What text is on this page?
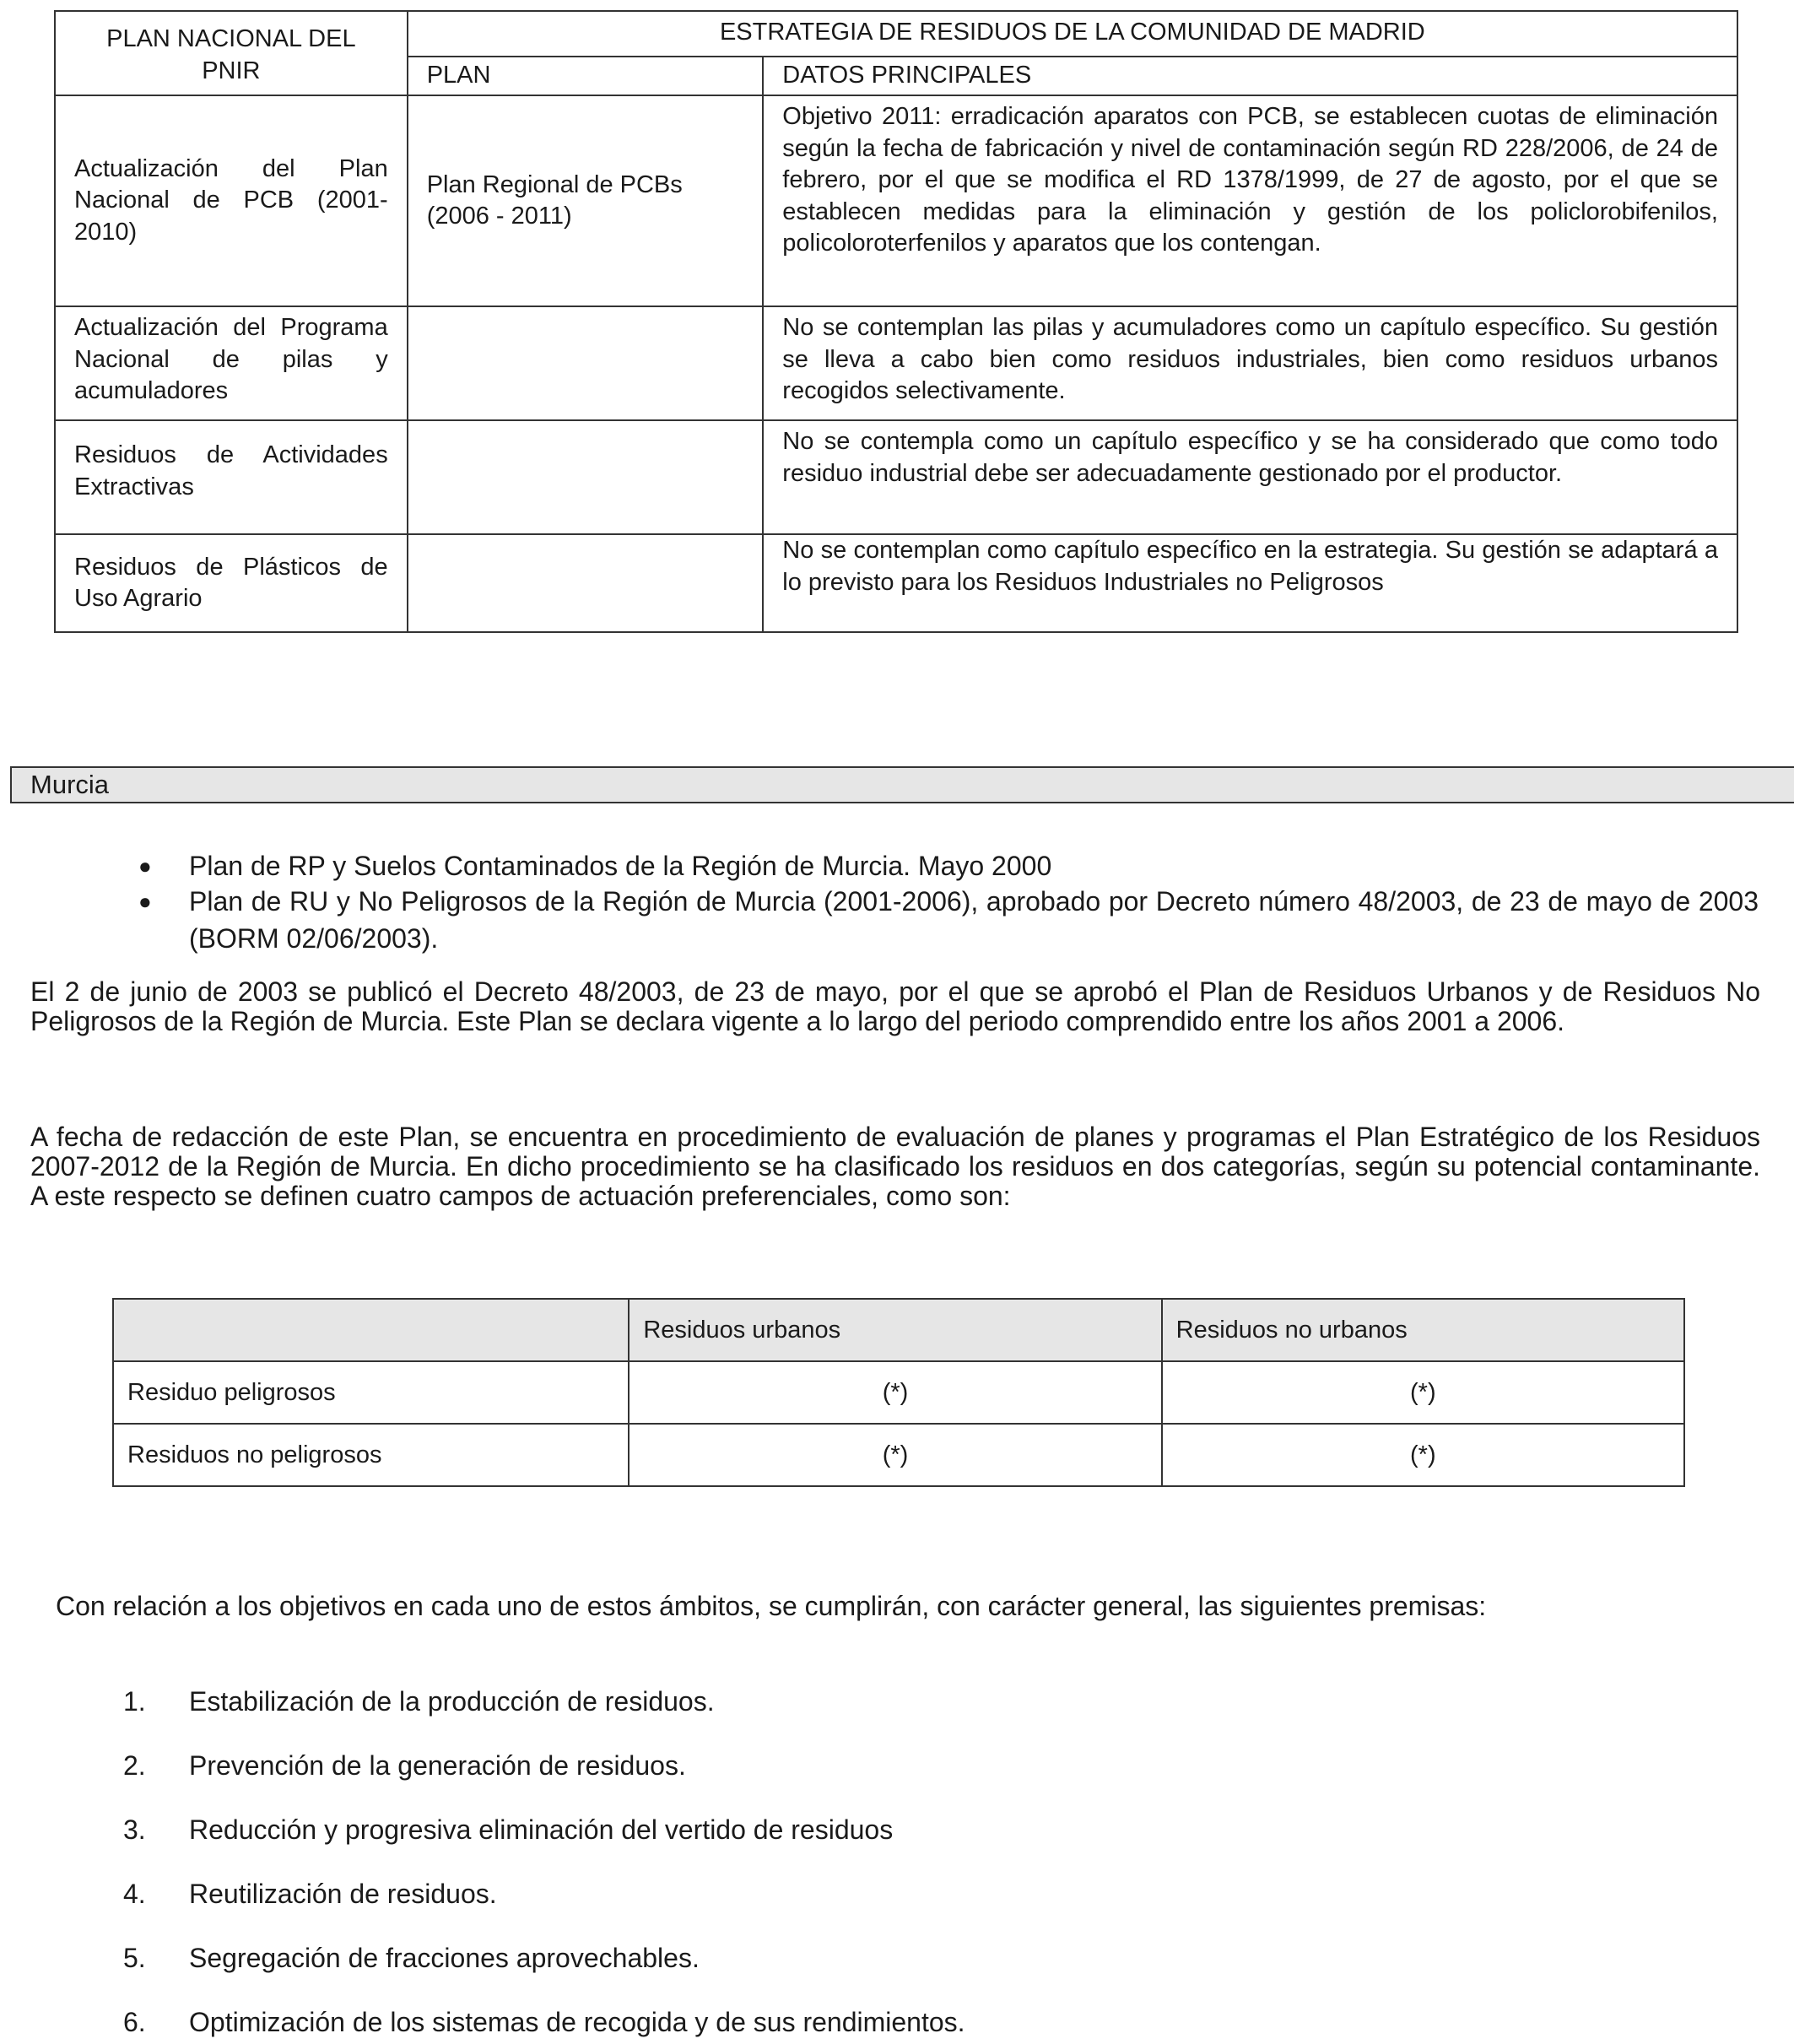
PLAN NACIONAL DEL PNIR	ESTRATEGIA DE RESIDUOS DE LA COMUNIDAD DE MADRID	
	PLAN	DATOS PRINCIPALES
Actualización del Plan Nacional de PCB (2001-2010)	Plan Regional de PCBs (2006 - 2011)	Objetivo 2011: erradicación aparatos con PCB, se establecen cuotas de eliminación según la fecha de fabricación y nivel de contaminación según RD 228/2006, de 24 de febrero, por el que se modifica el RD 1378/1999, de 27 de agosto, por el que se establecen medidas para la eliminación y gestión de los policlorobifenilos, policoloroterfenilos y aparatos que los contengan.
Actualización del Programa Nacional de pilas y acumuladores		No se contemplan las pilas y acumuladores como un capítulo específico. Su gestión se lleva a cabo bien como residuos industriales, bien como residuos urbanos recogidos selectivamente.
Residuos de Actividades Extractivas		No se contempla como un capítulo específico y se ha considerado que como todo residuo industrial debe ser adecuadamente gestionado por el productor.
Residuos de Plásticos de Uso Agrario		No se contemplan como capítulo específico en la estrategia. Su gestión se adaptará a lo previsto para los Residuos Industriales no Peligrosos
Murcia
● Plan de RP y Suelos Contaminados de la Región de Murcia. Mayo 2000
● Plan de RU y No Peligrosos de la Región de Murcia (2001-2006), aprobado por Decreto número 48/2003, de 23 de mayo de 2003 (BORM 02/06/2003).
El 2 de junio de 2003 se publicó el Decreto 48/2003, de 23 de mayo, por el que se aprobó el Plan de Residuos Urbanos y de Residuos No Peligrosos de la Región de Murcia. Este Plan se declara vigente a lo largo del periodo comprendido entre los años 2001 a 2006.
A fecha de redacción de este Plan, se encuentra en procedimiento de evaluación de planes y programas el Plan Estratégico de los Residuos 2007-2012 de la Región de Murcia. En dicho procedimiento se ha clasificado los residuos en dos categorías, según su potencial contaminante. A este respecto se definen cuatro campos de actuación preferenciales, como son:
	Residuos urbanos	Residuos no urbanos
Residuo peligrosos	(*)	(*)
Residuos no peligrosos	(*)	(*)
Con relación a los objetivos en cada uno de estos ámbitos, se cumplirán, con carácter general, las siguientes premisas:
1. Estabilización de la producción de residuos.
2. Prevención de la generación de residuos.
3. Reducción y progresiva eliminación del vertido de residuos
4. Reutilización de residuos.
5. Segregación de fracciones aprovechables.
6. Optimización de los sistemas de recogida y de sus rendimientos.
